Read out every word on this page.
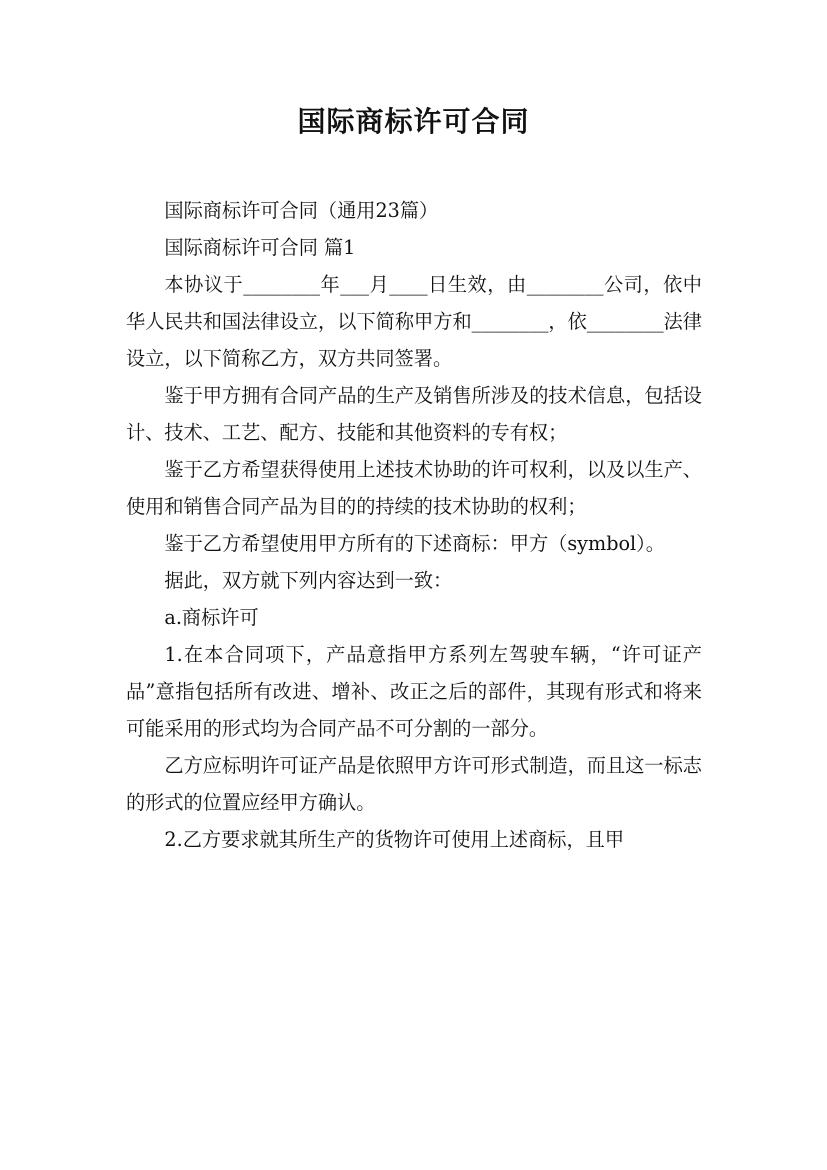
国际商标许可合同

国际商标许可合同（通用23篇）

国际商标许可合同 篇1

本协议于________年___月____日生效，由________公司，依中华人民共和国法律设立，以下简称甲方和________，依________法律设立，以下简称乙方，双方共同签署。

鉴于甲方拥有合同产品的生产及销售所涉及的技术信息，包括设计、技术、工艺、配方、技能和其他资料的专有权；

鉴于乙方希望获得使用上述技术协助的许可权利，以及以生产、使用和销售合同产品为目的的持续的技术协助的权利；

鉴于乙方希望使用甲方所有的下述商标：甲方（symbol）。

据此，双方就下列内容达到一致：

a.商标许可

1.在本合同项下，产品意指甲方系列左驾驶车辆，“许可证产品”意指包括所有改进、增补、改正之后的部件，其现有形式和将来可能采用的形式均为合同产品不可分割的一部分。

乙方应标明许可证产品是依照甲方许可形式制造，而且这一标志的形式的位置应经甲方确认。

2.乙方要求就其所生产的货物许可使用上述商标，且甲
